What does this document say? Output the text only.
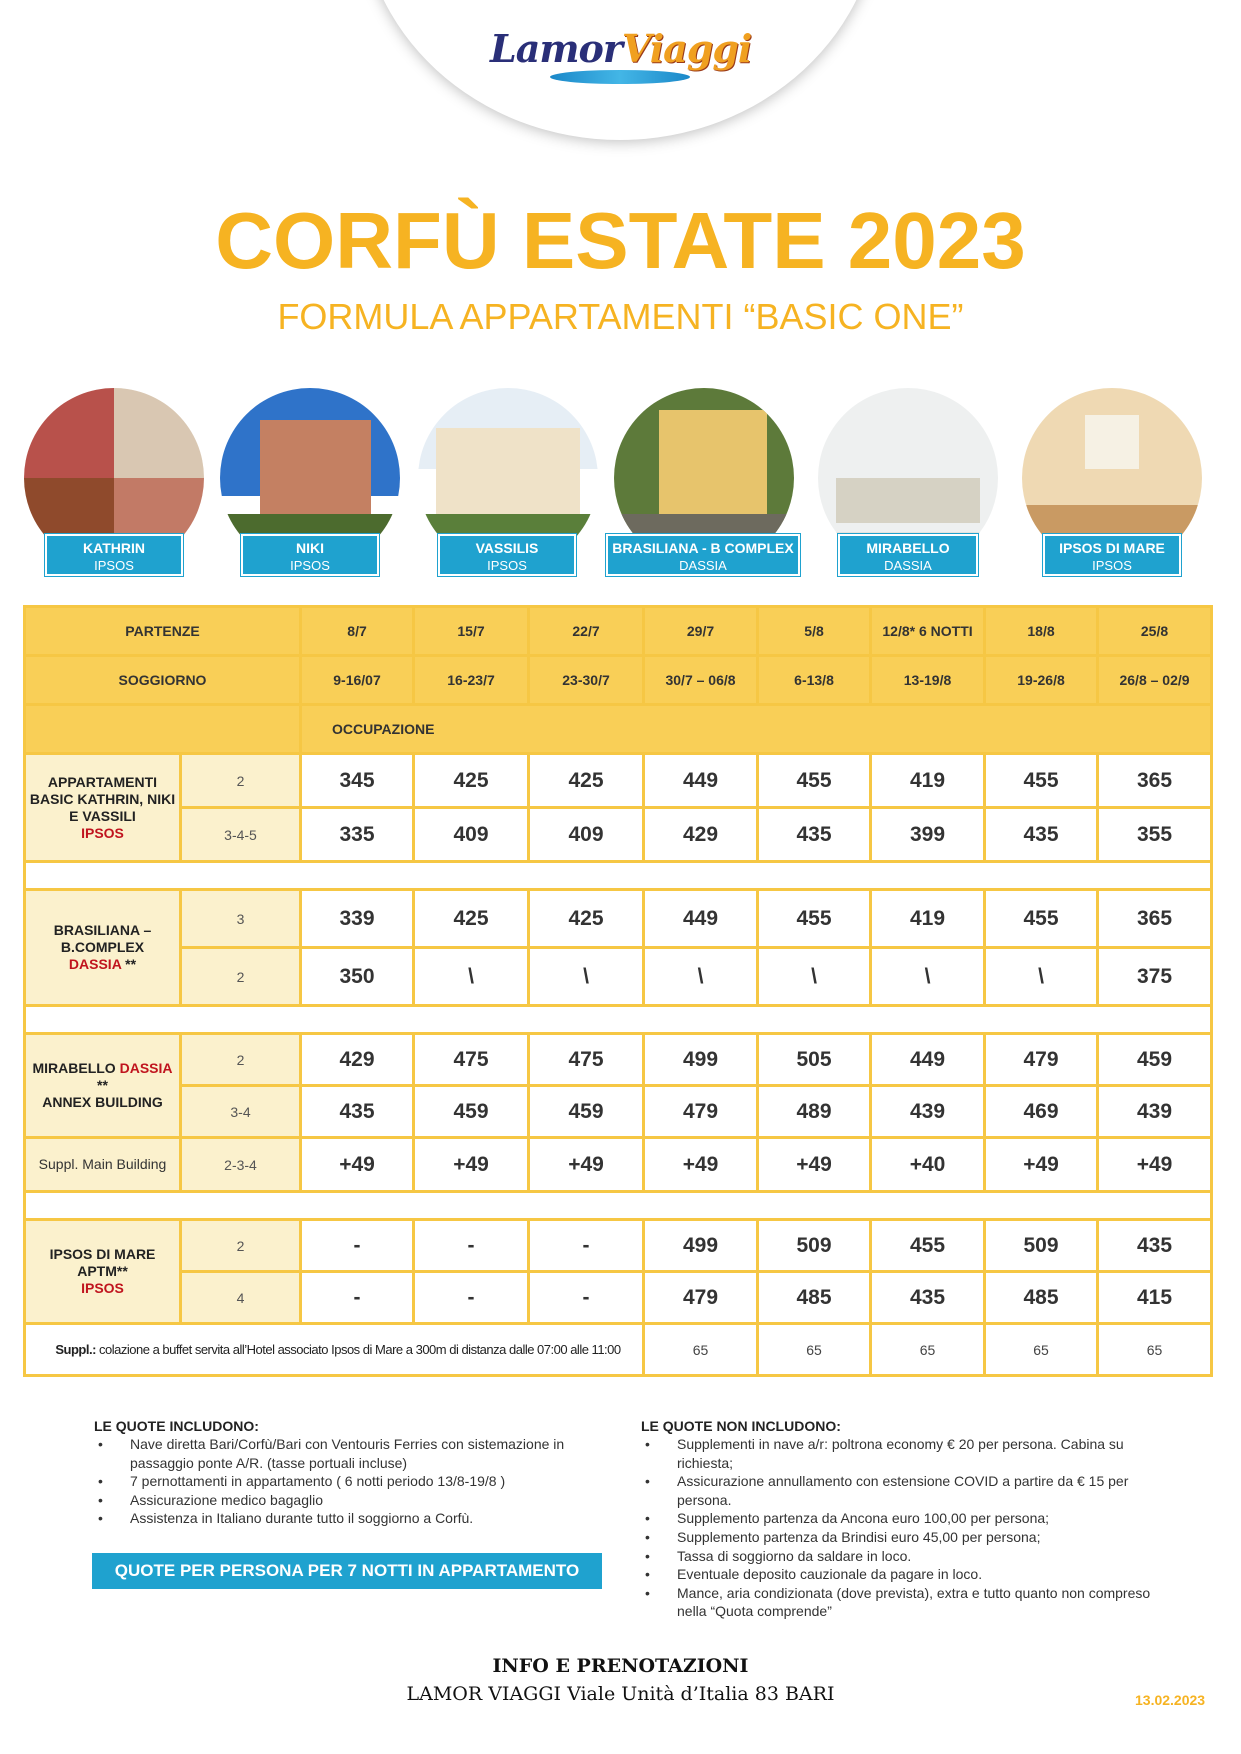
LamorViaggi
CORFÙ ESTATE 2023
FORMULA APPARTAMENTI “BASIC ONE”
KATHRIN
IPSOS
NIKI
IPSOS
VASSILIS
IPSOS
BRASILIANA - B COMPLEX
DASSIA
MIRABELLO
DASSIA
IPSOS DI MARE
IPSOS
PARTENZE		8/7	15/7	22/7	29/7	5/8	12/8* 6 NOTTI	18/8	25/8
SOGGIORNO		9-16/07	16-23/7	23-30/7	30/7 – 06/8	6-13/8	13-19/8	19-26/8	26/8 – 02/9
		OCCUPAZIONE							
APPARTAMENTI BASIC KATHRIN, NIKI E VASSILI
IPSOS	2	345	425	425	449	455	419	455	365
	3-4-5	335	409	409	429	435	399	435	355

BRASILIANA – B.COMPLEX
DASSIA **	3	339	425	425	449	455	419	455	365
	2	350	\	\	\	\	\	\	375

MIRABELLO DASSIA
**
ANNEX BUILDING	2	429	475	475	499	505	449	479	459
	3-4	435	459	459	479	489	439	469	439
Suppl. Main Building	2-3-4	+49	+49	+49	+49	+49	+40	+49	+49

IPSOS DI MARE APTM**
IPSOS	2	-	-	-	499	509	455	509	435
	4	-	-	-	479	485	435	485	415
Suppl.: colazione a buffet servita all’Hotel associato Ipsos di Mare a 300m di distanza dalle 07:00 alle 11:00					65	65	65	65	65
LE QUOTE INCLUDONO:
• Nave diretta Bari/Corfù/Bari con Ventouris Ferries con sistemazione in passaggio ponte A/R. (tasse portuali incluse)
• 7 pernottamenti in appartamento ( 6 notti periodo 13/8-19/8 )
• Assicurazione medico bagaglio
• Assistenza in Italiano durante tutto il soggiorno a Corfù.
LE QUOTE NON INCLUDONO:
• Supplementi in nave a/r: poltrona economy € 20 per persona. Cabina su richiesta;
• Assicurazione annullamento con estensione COVID a partire da € 15 per persona.
• Supplemento partenza da Ancona euro 100,00 per persona;
• Supplemento partenza da Brindisi euro 45,00 per persona;
• Tassa di soggiorno da saldare in loco.
• Eventuale deposito cauzionale da pagare in loco.
• Mance, aria condizionata (dove prevista), extra e tutto quanto non compreso nella “Quota comprende”
QUOTE PER PERSONA PER 7 NOTTI IN APPARTAMENTO
INFO E PRENOTAZIONI
LAMOR VIAGGI Viale Unità d’Italia 83 BARI	13.02.2023
